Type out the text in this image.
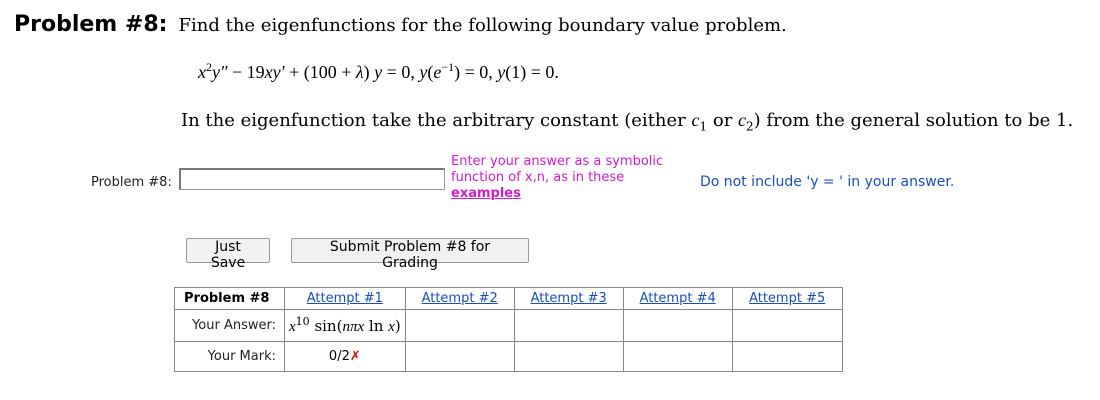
Problem #8: Find the eigenfunctions for the following boundary value problem.
$x^2y'' - 19xy' + (100 + \lambda) y = 0$, $y(e^{-1}) = 0$, y(1) = 0.
In the eigenfunction take the arbitrary constant (either $c_1$ or $c_2$) from the general solution to be 1.
Problem #8:
Enter your answer as a symbolic function of x,n, as in these
examples
Do not include 'y = ' in your answer.
Just Save
Submit Problem #8 for Grading
Problem #8	Attempt #1	Attempt #2	Attempt #3	Attempt #4	Attempt #5
Your Answer:	$x^{10}$ sin(nπx ln x)				
Your Mark:	0/2✗				
